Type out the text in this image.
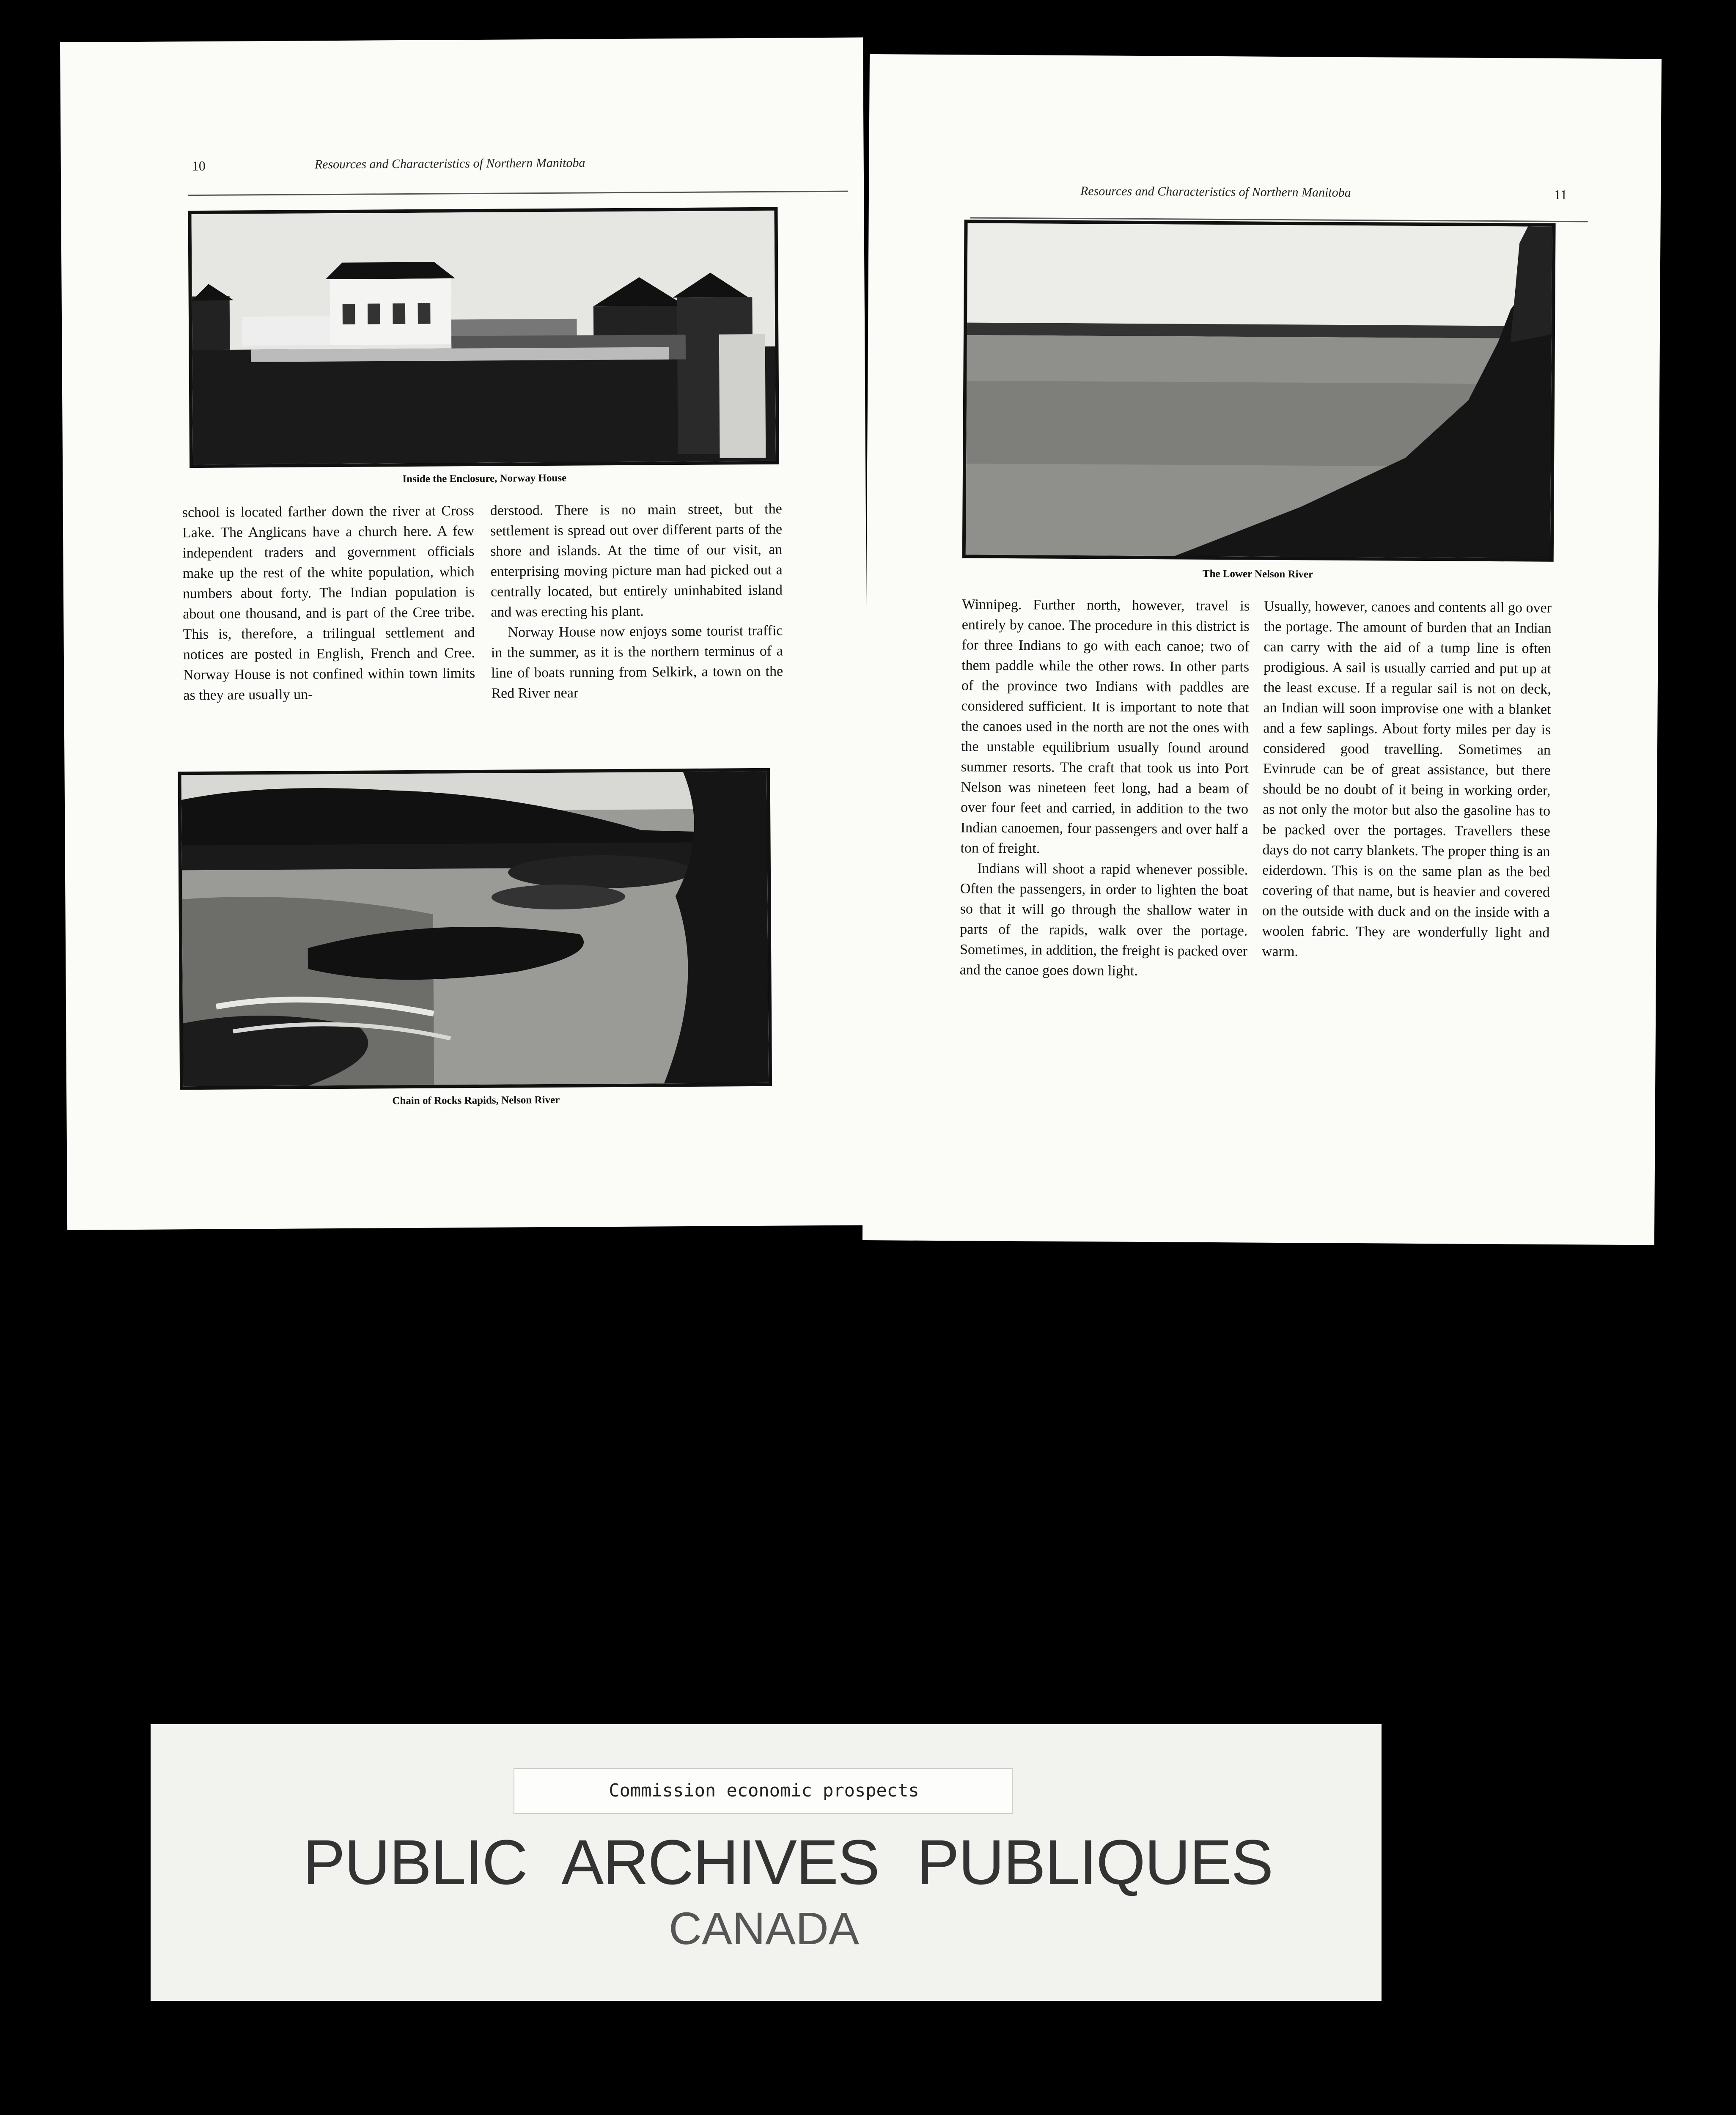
10	Resources and Characteristics of Northern Manitoba
Inside the Enclosure, Norway House

school is located farther down the river at Cross Lake. The Anglicans have a church here. A few independent traders and government officials make up the rest of the white population, which numbers about forty. The Indian population is about one thousand, and is part of the Cree tribe. This is, therefore, a trilingual settlement and notices are posted in English, French and Cree. Norway House is not confined within town limits as they are usually un-

derstood. There is no main street, but the settlement is spread out over different parts of the shore and islands. At the time of our visit, an enterprising moving picture man had picked out a centrally located, but entirely uninhabited island and was erecting his plant.

Norway House now enjoys some tourist traffic in the summer, as it is the northern terminus of a line of boats running from Selkirk, a town on the Red River near

Chain of Rocks Rapids, Nelson River
Resources and Characteristics of Northern Manitoba	11
The Lower Nelson River

Winnipeg. Further north, however, travel is entirely by canoe. The procedure in this district is for three Indians to go with each canoe; two of them paddle while the other rows. In other parts of the province two Indians with paddles are considered sufficient. It is important to note that the canoes used in the north are not the ones with the unstable equilibrium usually found around summer resorts. The craft that took us into Port Nelson was nineteen feet long, had a beam of over four feet and carried, in addition to the two Indian canoemen, four passengers and over half a ton of freight.

Indians will shoot a rapid whenever possible. Often the passengers, in order to lighten the boat so that it will go through the shallow water in parts of the rapids, walk over the portage. Sometimes, in addition, the freight is packed over and the canoe goes down light.

Usually, however, canoes and contents all go over the portage. The amount of burden that an Indian can carry with the aid of a tump line is often prodigious. A sail is usually carried and put up at the least excuse. If a regular sail is not on deck, an Indian will soon improvise one with a blanket and a few saplings. About forty miles per day is considered good travelling. Sometimes an Evinrude can be of great assistance, but there should be no doubt of it being in working order, as not only the motor but also the gasoline has to be packed over the portages. Travellers these days do not carry blankets. The proper thing is an eiderdown. This is on the same plan as the bed covering of that name, but is heavier and covered on the outside with duck and on the inside with a woolen fabric. They are wonderfully light and warm.

Commission economic prospects
PUBLIC ARCHIVES PUBLIQUES
CANADA
